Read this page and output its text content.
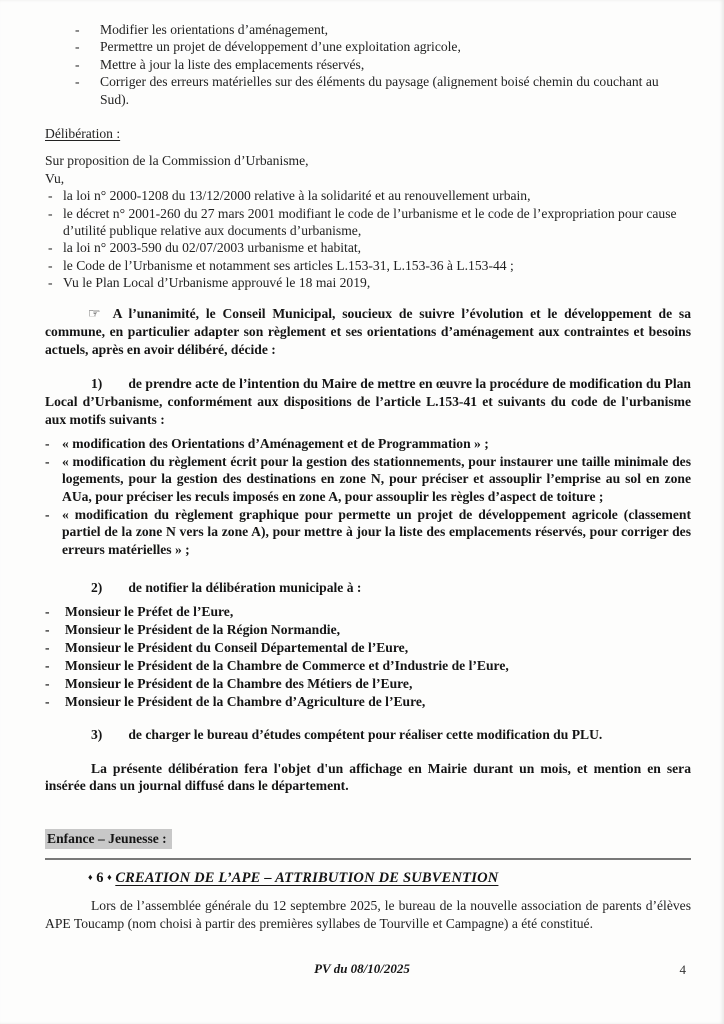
-	Modifier les orientations d’aménagement,
-	Permettre un projet de développement d’une exploitation agricole,
-	Mettre à jour la liste des emplacements réservés,
-	Corriger des erreurs matérielles sur des éléments du paysage (alignement boisé chemin du couchant au Sud).
Délibération :
Sur proposition de la Commission d’Urbanisme,
Vu,
- la loi n° 2000-1208 du 13/12/2000 relative à la solidarité et au renouvellement urbain,
- le décret n° 2001-260 du 27 mars 2001 modifiant le code de l’urbanisme et le code de l’expropriation pour cause d’utilité publique relative aux documents d’urbanisme,
- la loi n° 2003-590 du 02/07/2003 urbanisme et habitat,
- le Code de l’Urbanisme et notamment ses articles L.153-31, L.153-36 à L.153-44 ;
- Vu le Plan Local d’Urbanisme approuvé le 18 mai 2019,

☞ A l’unanimité, le Conseil Municipal, soucieux de suivre l’évolution et le développement de sa commune, en particulier adapter son règlement et ses orientations d’aménagement aux contraintes et besoins actuels, après en avoir délibéré, décide :

1) de prendre acte de l’intention du Maire de mettre en œuvre la procédure de modification du Plan Local d’Urbanisme, conformément aux dispositions de l’article L.153-41 et suivants du code de l'urbanisme aux motifs suivants :

- « modification des Orientations d’Aménagement et de Programmation » ;
- « modification du règlement écrit pour la gestion des stationnements, pour instaurer une taille minimale des logements, pour la gestion des destinations en zone N, pour préciser et assouplir l’emprise au sol en zone AUa, pour préciser les reculs imposés en zone A, pour assouplir les règles d’aspect de toiture ;
- « modification du règlement graphique pour permette un projet de développement agricole (classement partiel de la zone N vers la zone A), pour mettre à jour la liste des emplacements réservés, pour corriger des erreurs matérielles » ;

2) de notifier la délibération municipale à :

-	Monsieur le Préfet de l’Eure,
-	Monsieur le Président de la Région Normandie,
-	Monsieur le Président du Conseil Départemental de l’Eure,
-	Monsieur le Président de la Chambre de Commerce et d’Industrie de l’Eure,
-	Monsieur le Président de la Chambre des Métiers de l’Eure,
-	Monsieur le Président de la Chambre d’Agriculture de l’Eure,

3) de charger le bureau d’études compétent pour réaliser cette modification du PLU.

La présente délibération fera l'objet d'un affichage en Mairie durant un mois, et mention en sera insérée dans un journal diffusé dans le département.

Enfance – Jeunesse :
♦ 6 ♦ CREATION DE L’APE – ATTRIBUTION DE SUBVENTION

Lors de l’assemblée générale du 12 septembre 2025, le bureau de la nouvelle association de parents d’élèves APE Toucamp (nom choisi à partir des premières syllabes de Tourville et Campagne) a été constitué.

PV du 08/10/2025	4
